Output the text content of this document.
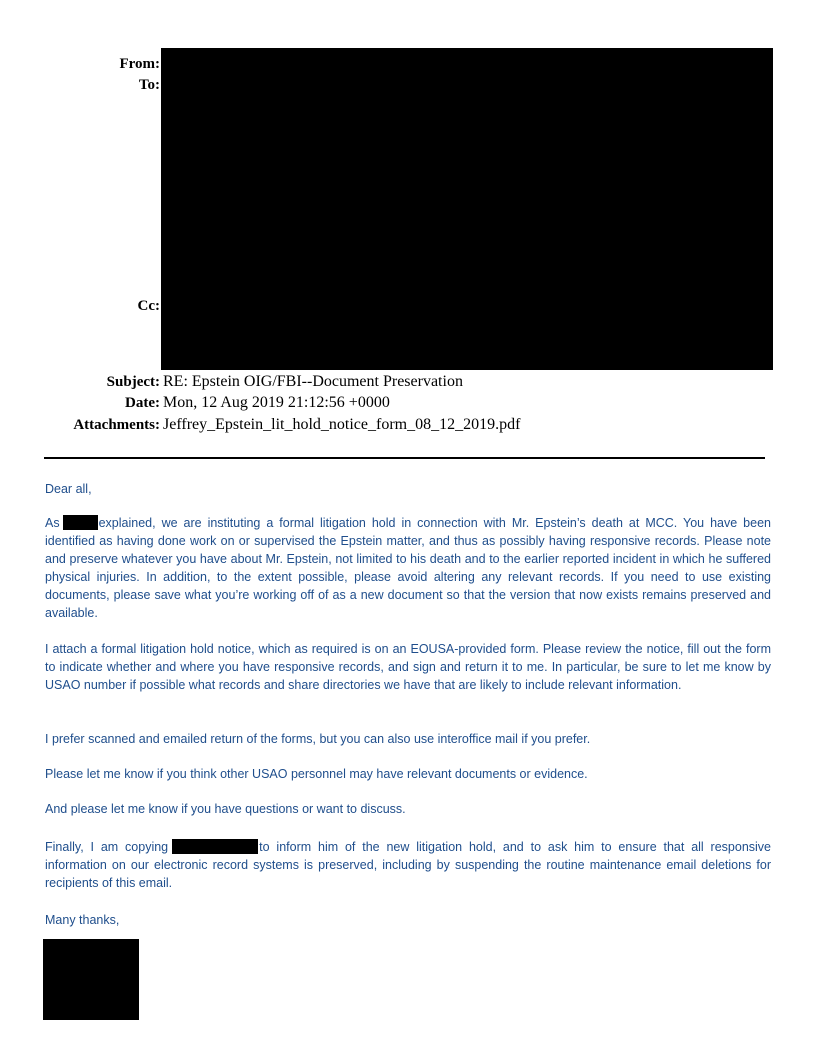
From:
To:
Cc:
Subject:
Date:
Attachments:
RE: Epstein OIG/FBI--Document Preservation
Mon, 12 Aug 2019 21:12:56 +0000
Jeffrey_Epstein_lit_hold_notice_form_08_12_2019.pdf

Dear all,

As	explained, we are instituting a formal litigation hold in connection with Mr. Epstein’s death at MCC. You have been identified as having done work on or supervised the Epstein matter, and thus as possibly having responsive records. Please note and preserve whatever you have about Mr. Epstein, not limited to his death and to the earlier reported incident in which he suffered physical injuries. In addition, to the extent possible, please avoid altering any relevant records. If you need to use existing documents, please save what you’re working off of as a new document so that the version that now exists remains preserved and available.

I attach a formal litigation hold notice, which as required is on an EOUSA-provided form. Please review the notice, fill out the form to indicate whether and where you have responsive records, and sign and return it to me. In particular, be sure to let me know by USAO number if possible what records and share directories we have that are likely to include relevant information.

I prefer scanned and emailed return of the forms, but you can also use interoffice mail if you prefer.

Please let me know if you think other USAO personnel may have relevant documents or evidence.

And please let me know if you have questions or want to discuss.

Finally, I am copying	to inform him of the new litigation hold, and to ask him to ensure that all responsive information on our electronic record systems is preserved, including by suspending the routine maintenance email deletions for recipients of this email.

Many thanks,
